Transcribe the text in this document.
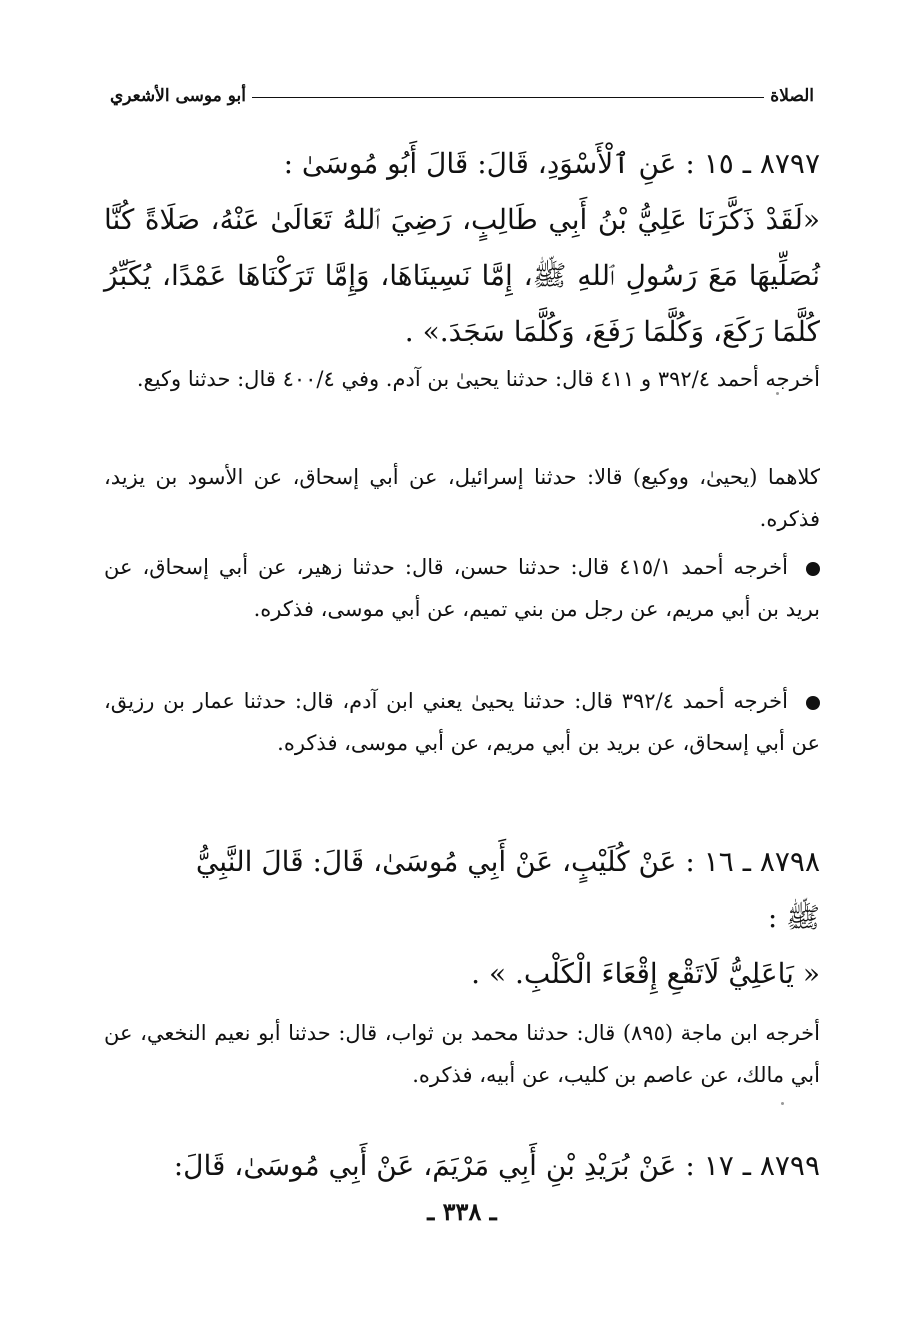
الصلاة
أبو موسى الأشعري
٨٧٩٧ ـ ١٥ : عَنِ ٱلْأَسْوَدِ، قَالَ: قَالَ أَبُو مُوسَىٰ :
«لَقَدْ ذَكَّرَنَا عَلِيُّ بْنُ أَبِي طَالِبٍ، رَضِيَ ٱللهُ تَعَالَىٰ عَنْهُ، صَلَاةً كُنَّا نُصَلِّيهَا مَعَ رَسُولِ ٱللهِ ﷺ، إِمَّا نَسِينَاهَا، وَإِمَّا تَرَكْنَاهَا عَمْدًا، يُكَبِّرُ كُلَّمَا رَكَعَ، وَكُلَّمَا رَفَعَ، وَكُلَّمَا سَجَدَ.» .
أخرجه أحمد ٣٩٢/٤ و ٤١١ قال: حدثنا يحيىٰ بن آدم. وفي ٤٠٠/٤ قال: حدثنا وكيع.
كلاهما (يحيىٰ، ووكيع) قالا: حدثنا إسرائيل، عن أبي إسحاق، عن الأسود بن يزيد، فذكره.
أخرجه أحمد ٤١٥/١ قال: حدثنا حسن، قال: حدثنا زهير، عن أبي إسحاق، عن بريد بن أبي مريم، عن رجل من بني تميم، عن أبي موسى، فذكره.
أخرجه أحمد ٣٩٢/٤ قال: حدثنا يحيىٰ يعني ابن آدم، قال: حدثنا عمار بن رزيق، عن أبي إسحاق، عن بريد بن أبي مريم، عن أبي موسى، فذكره.
٨٧٩٨ ـ ١٦ : عَنْ كُلَيْبٍ، عَنْ أَبِي مُوسَىٰ، قَالَ: قَالَ النَّبِيُّ
ﷺ :
« يَاعَلِيُّ لَاتَقْعِ إِقْعَاءَ الْكَلْبِ. » .
أخرجه ابن ماجة (٨٩٥) قال: حدثنا محمد بن ثواب، قال: حدثنا أبو نعيم النخعي، عن أبي مالك، عن عاصم بن كليب، عن أبيه، فذكره.
٨٧٩٩ ـ ١٧ : عَنْ بُرَيْدِ بْنِ أَبِي مَرْيَمَ، عَنْ أَبِي مُوسَىٰ، قَالَ:
ـ ٣٣٨ ـ
